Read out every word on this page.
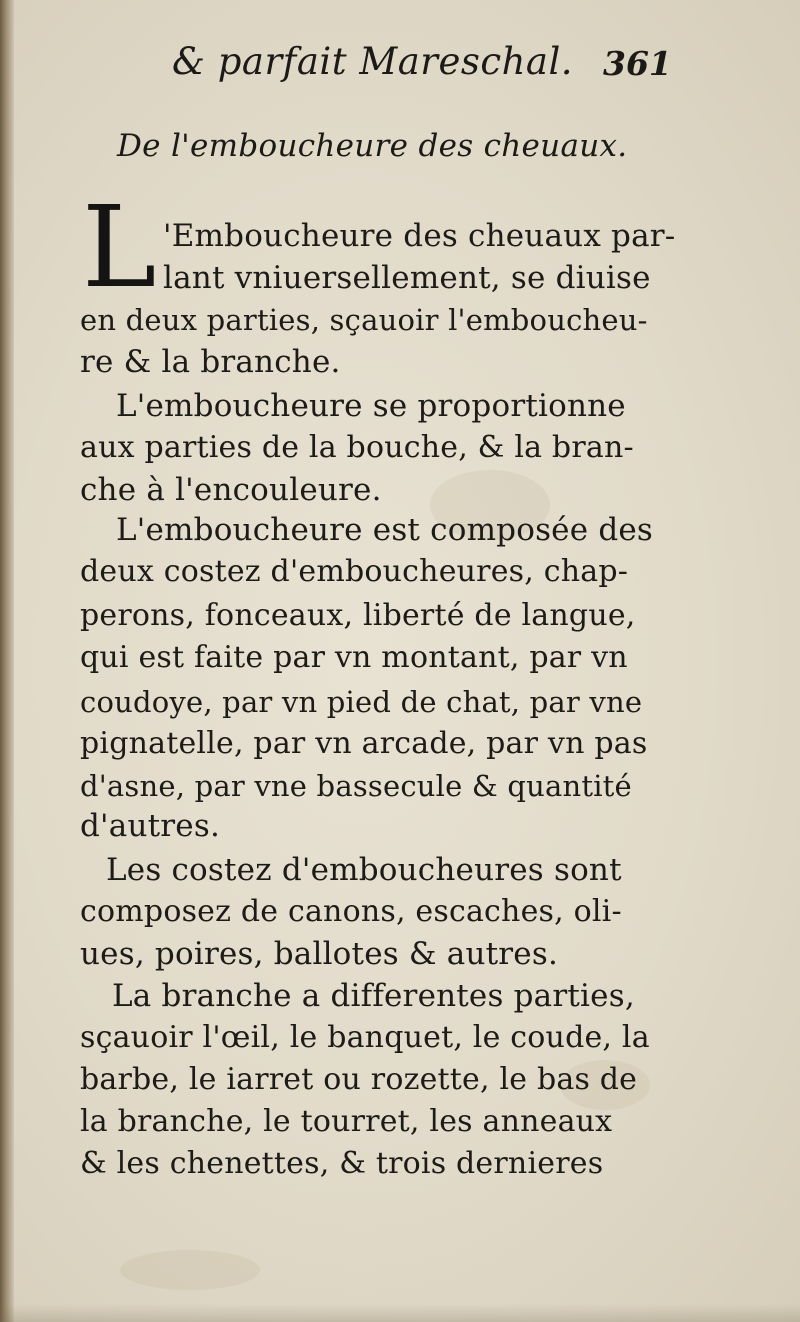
& parfait Mareschal. 361
De l'emboucheure des cheuaux.
L 'Emboucheure des cheuaux par-
lant vniuersellement, se diuise
en deux parties, sçauoir l'emboucheu-
re & la branche.
L'emboucheure se proportionne
aux parties de la bouche, & la bran-
che à l'encouleure.
L'emboucheure est composée des
deux costez d'emboucheures, chap-
perons, fonceaux, liberté de langue,
qui est faite par vn montant, par vn
coudoye, par vn pied de chat, par vne
pignatelle, par vn arcade, par vn pas
d'asne, par vne bassecule & quantité
d'autres.
Les costez d'emboucheures sont
composez de canons, escaches, oli-
ues, poires, ballotes & autres.
La branche a differentes parties,
sçauoir l'œil, le banquet, le coude, la
barbe, le iarret ou rozette, le bas de
la branche, le tourret, les anneaux
& les chenettes, & trois dernieres
